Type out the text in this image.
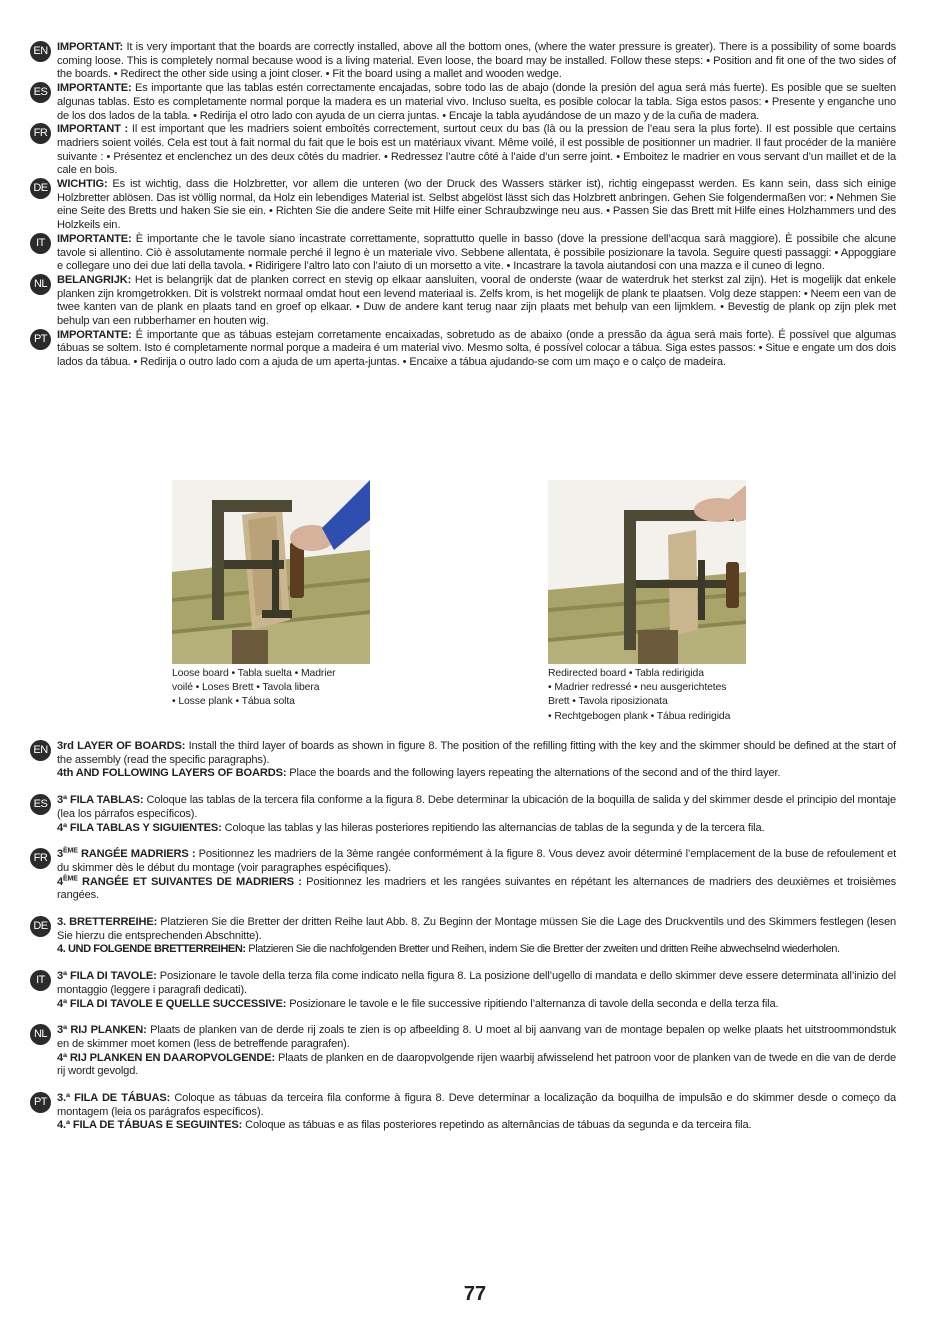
EN IMPORTANT: It is very important that the boards are correctly installed, above all the bottom ones, (where the water pressure is greater). There is a possibility of some boards coming loose. This is completely normal because wood is a living material. Even loose, the board may be installed. Follow these steps: • Position and fit one of the two sides of the boards. • Redirect the other side using a joint closer. • Fit the board using a mallet and wooden wedge.
ES IMPORTANTE: Es importante que las tablas estén correctamente encajadas, sobre todo las de abajo (donde la presión del agua será más fuerte). Es posible que se suelten algunas tablas. Esto es completamente normal porque la madera es un material vivo. Incluso suelta, es posible colocar la tabla. Siga estos pasos: • Presente y enganche uno de los dos lados de la tabla. • Redirija el otro lado con ayuda de un cierra juntas. • Encaje la tabla ayudándose de un mazo y de la cuña de madera.
FR IMPORTANT : Il est important que les madriers soient emboîtés correctement, surtout ceux du bas (là ou la pression de l’eau sera la plus forte). Il est possible que certains madriers soient voilés. Cela est tout à fait normal du fait que le bois est un matériaux vivant. Même voilé, il est possible de positionner un madrier. Il faut procéder de la manière suivante : • Présentez et enclenchez un des deux côtés du madrier. • Redressez l’autre côté à l’aide d’un serre joint. • Emboitez le madrier en vous servant d’un maillet et de la cale en bois.
DE WICHTIG: Es ist wichtig, dass die Holzbretter, vor allem die unteren (wo der Druck des Wassers stärker ist), richtig eingepasst werden. Es kann sein, dass sich einige Holzbretter ablösen. Das ist völlig normal, da Holz ein lebendiges Material ist. Selbst abgelöst lässt sich das Holzbrett anbringen. Gehen Sie folgendermaßen vor: • Nehmen Sie eine Seite des Bretts und haken Sie sie ein. • Richten Sie die andere Seite mit Hilfe einer Schraubzwinge neu aus. • Passen Sie das Brett mit Hilfe eines Holzhammers und des Holzkeils ein.
IT	IMPORTANTE: È importante che le tavole siano incastrate correttamente, soprattutto quelle in basso (dove la pressione dell’acqua sarà maggiore). È possibile che alcune tavole si allentino. Ciò è assolutamente normale perché il legno è un materiale vivo. Sebbene allentata, è possibile posizionare la tavola. Seguire questi passaggi: • Appoggiare e collegare uno dei due lati della tavola. • Ridirigere l’altro lato con l’aiuto di un morsetto a vite. • Incastrare la tavola aiutandosi con una mazza e il cuneo di legno.
NL BELANGRIJK: Het is belangrijk dat de planken correct en stevig op elkaar aansluiten, vooral de onderste (waar de waterdruk het sterkst zal zijn). Het is mogelijk dat enkele planken zijn kromgetrokken. Dit is volstrekt normaal omdat hout een levend materiaal is. Zelfs krom, is het mogelijk de plank te plaatsen. Volg deze stappen: • Neem een van de twee kanten van de plank en plaats tand en groef op elkaar. • Duw de andere kant terug naar zijn plaats met behulp van een lijmklem. • Bevestig de plank op zijn plek met behulp van een rubberhamer en houten wig.
PT IMPORTANTE: É importante que as tábuas estejam corretamente encaixadas, sobretudo as de abaixo (onde a pressão da água será mais forte). É possível que algumas tábuas se soltem. Isto é completamente normal porque a madeira é um material vivo. Mesmo solta, é possível colocar a tábua. Siga estes passos: • Situe e engate um dos dois lados da tábua. • Redirija o outro lado com a ajuda de um aperta-juntas. • Encaixe a tábua ajudando-se com um maço e o calço de madeira.
Loose board • Tabla suelta • Madrier
voilé • Loses Brett • Tavola libera
• Losse plank • Tábua solta
Redirected board • Tabla redirigida
• Madrier redressé • neu ausgerichtetes
Brett • Tavola riposizionata
• Rechtgebogen plank • Tábua redirigida
EN 3rd LAYER OF BOARDS: Install the third layer of boards as shown in figure 8. The position of the refilling fitting with the key and the skimmer should be defined at the start of the assembly (read the specific paragraphs).
4th AND FOLLOWING LAYERS OF BOARDS: Place the boards and the following layers repeating the alternations of the second and of the third layer.
ES 3ª FILA TABLAS: Coloque las tablas de la tercera fila conforme a la figura 8. Debe determinar la ubicación de la boquilla de salida y del skimmer desde el principio del montaje (lea los párrafos específicos).
4ª FILA TABLAS Y SIGUIENTES: Coloque las tablas y las hileras posteriores repitiendo las alternancias de tablas de la segunda y de la tercera fila.
FR 3ÈME RANGÉE MADRIERS : Positionnez les madriers de la 3ème rangée conformément à la figure 8. Vous devez avoir déterminé l’emplacement de la buse de refoulement et du skimmer dès le début du montage (voir paragraphes espécifiques).
4ÈME RANGÉE ET SUIVANTES DE MADRIERS : Positionnez les madriers et les rangées suivantes en répétant les alternances de madriers des deuxièmes et troisièmes rangées.
DE 3. BRETTERREIHE: Platzieren Sie die Bretter der dritten Reihe laut Abb. 8. Zu Beginn der Montage müssen Sie die Lage des Druckventils und des Skimmers festlegen (lesen Sie hierzu die entsprechenden Abschnitte).
4. UND FOLGENDE BRETTERREIHEN: Platzieren Sie die nachfolgenden Bretter und Reihen, indem Sie die Bretter der zweiten und dritten Reihe abwechselnd wiederholen.
IT	3ª FILA DI TAVOLE: Posizionare le tavole della terza fila come indicato nella figura 8. La posizione dell’ugello di mandata e dello skimmer deve essere determinata all’inizio del montaggio (leggere i paragrafi dedicati).
4ª FILA DI TAVOLE E QUELLE SUCCESSIVE: Posizionare le tavole e le file successive ripitiendo l’alternanza di tavole della seconda e della terza fila.
NL 3ª RIJ PLANKEN: Plaats de planken van de derde rij zoals te zien is op afbeelding 8. U moet al bij aanvang van de montage bepalen op welke plaats het uitstroommondstuk en de skimmer moet komen (less de betreffende paragrafen).
4ª RIJ PLANKEN EN DAAROPVOLGENDE: Plaats de planken en de daaropvolgende rijen waarbij afwisselend het patroon voor de planken van de twede en die van de derde rij wordt gevolgd.
PT 3.ª FILA DE TÁBUAS: Coloque as tábuas da terceira fila conforme à figura 8. Deve determinar a localização da boquilha de impulsão e do skimmer desde o começo da montagem (leia os parágrafos específicos).
4.ª FILA DE TÁBUAS E SEGUINTES: Coloque as tábuas e as filas posteriores repetindo as alternâncias de tábuas da segunda e da terceira fila.
77
